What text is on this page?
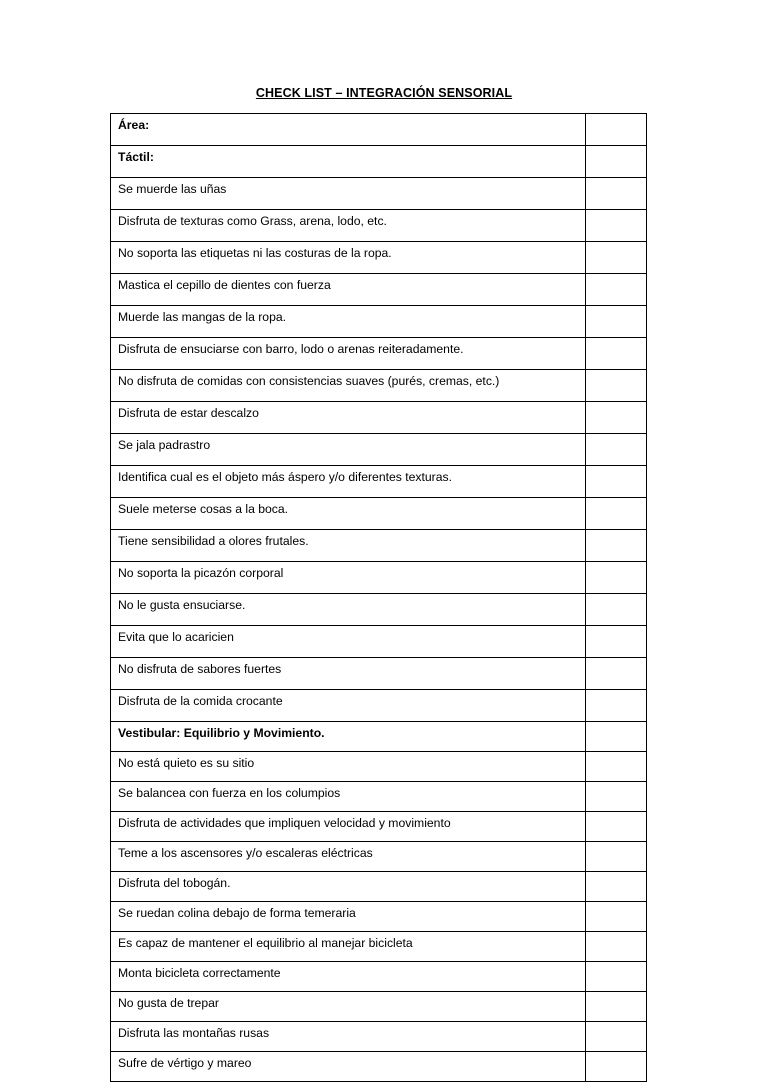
CHECK LIST – INTEGRACIÓN SENSORIAL
Área:	
Táctil:	
Se muerde las uñas	
Disfruta de texturas como Grass, arena, lodo, etc.	
No soporta las etiquetas ni las costuras de la ropa.	
Mastica el cepillo de dientes con fuerza	
Muerde las mangas de la ropa.	
Disfruta de ensuciarse con barro, lodo o arenas reiteradamente.	
No disfruta de comidas con consistencias suaves (purés, cremas, etc.)	
Disfruta de estar descalzo	
Se jala padrastro	
Identifica cual es el objeto más áspero y/o diferentes texturas.	
Suele meterse cosas a la boca.	
Tiene sensibilidad a olores frutales.	
No soporta la picazón corporal	
No le gusta ensuciarse.	
Evita que lo acaricien	
No disfruta de sabores fuertes	
Disfruta de la comida crocante	
Vestibular: Equilibrio y Movimiento.	
No está quieto es su sitio	
Se balancea con fuerza en los columpios	
Disfruta de actividades que impliquen velocidad y movimiento	
Teme a los ascensores y/o escaleras eléctricas	
Disfruta del tobogán.	
Se ruedan colina debajo de forma temeraria	
Es capaz de mantener el equilibrio al manejar bicicleta	
Monta bicicleta correctamente	
No gusta de trepar	
Disfruta las montañas rusas	
Sufre de vértigo y mareo	
